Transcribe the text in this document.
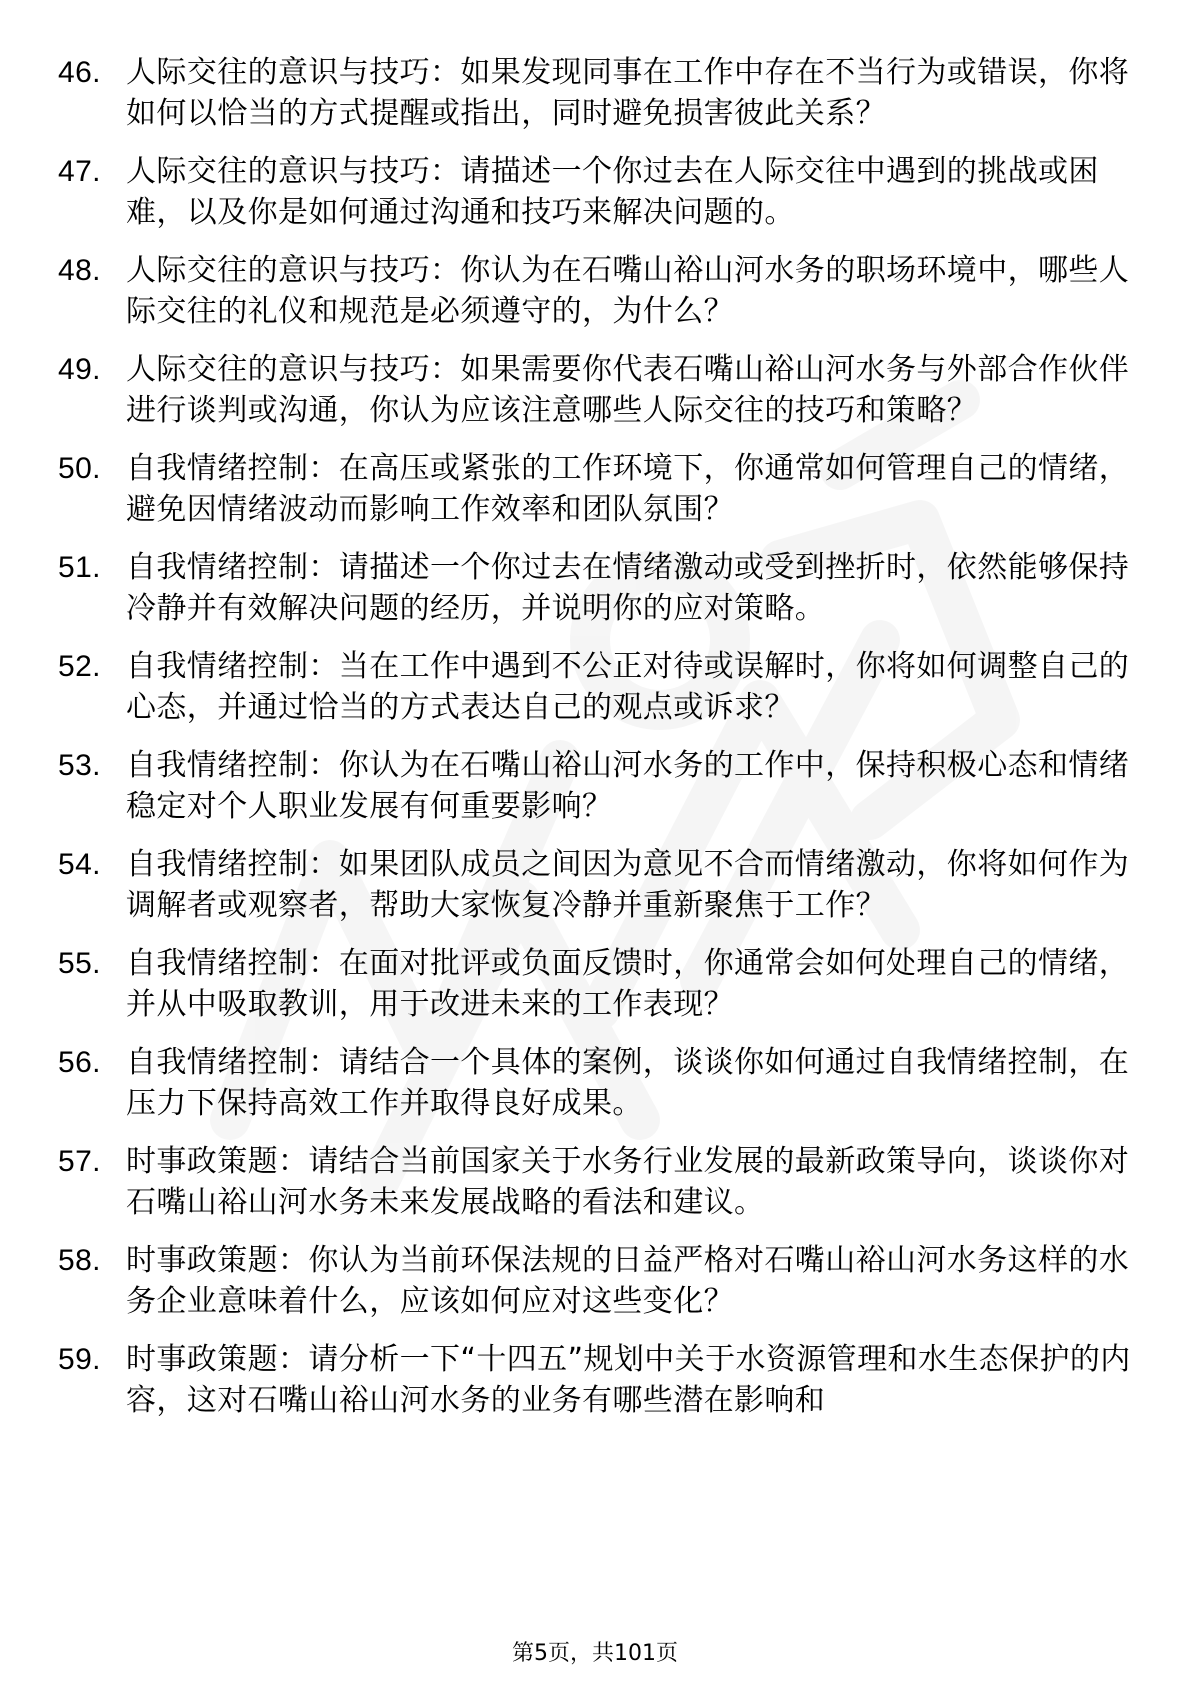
46. 人际交往的意识与技巧：如果发现同事在工作中存在不当行为或错误，你将如何以恰当的方式提醒或指出，同时避免损害彼此关系？
47. 人际交往的意识与技巧：请描述一个你过去在人际交往中遇到的挑战或困难，以及你是如何通过沟通和技巧来解决问题的。
48. 人际交往的意识与技巧：你认为在石嘴山裕山河水务的职场环境中，哪些人际交往的礼仪和规范是必须遵守的，为什么？
49. 人际交往的意识与技巧：如果需要你代表石嘴山裕山河水务与外部合作伙伴进行谈判或沟通，你认为应该注意哪些人际交往的技巧和策略？
50. 自我情绪控制：在高压或紧张的工作环境下，你通常如何管理自己的情绪，避免因情绪波动而影响工作效率和团队氛围？
51. 自我情绪控制：请描述一个你过去在情绪激动或受到挫折时，依然能够保持冷静并有效解决问题的经历，并说明你的应对策略。
52. 自我情绪控制：当在工作中遇到不公正对待或误解时，你将如何调整自己的心态，并通过恰当的方式表达自己的观点或诉求？
53. 自我情绪控制：你认为在石嘴山裕山河水务的工作中，保持积极心态和情绪稳定对个人职业发展有何重要影响？
54. 自我情绪控制：如果团队成员之间因为意见不合而情绪激动，你将如何作为调解者或观察者，帮助大家恢复冷静并重新聚焦于工作？
55. 自我情绪控制：在面对批评或负面反馈时，你通常会如何处理自己的情绪，并从中吸取教训，用于改进未来的工作表现？
56. 自我情绪控制：请结合一个具体的案例，谈谈你如何通过自我情绪控制，在压力下保持高效工作并取得良好成果。
57. 时事政策题：请结合当前国家关于水务行业发展的最新政策导向，谈谈你对石嘴山裕山河水务未来发展战略的看法和建议。
58. 时事政策题：你认为当前环保法规的日益严格对石嘴山裕山河水务这样的水务企业意味着什么，应该如何应对这些变化？
59. 时事政策题：请分析一下“十四五”规划中关于水资源管理和水生态保护的内容，这对石嘴山裕山河水务的业务有哪些潜在影响和
第5页，共101页
